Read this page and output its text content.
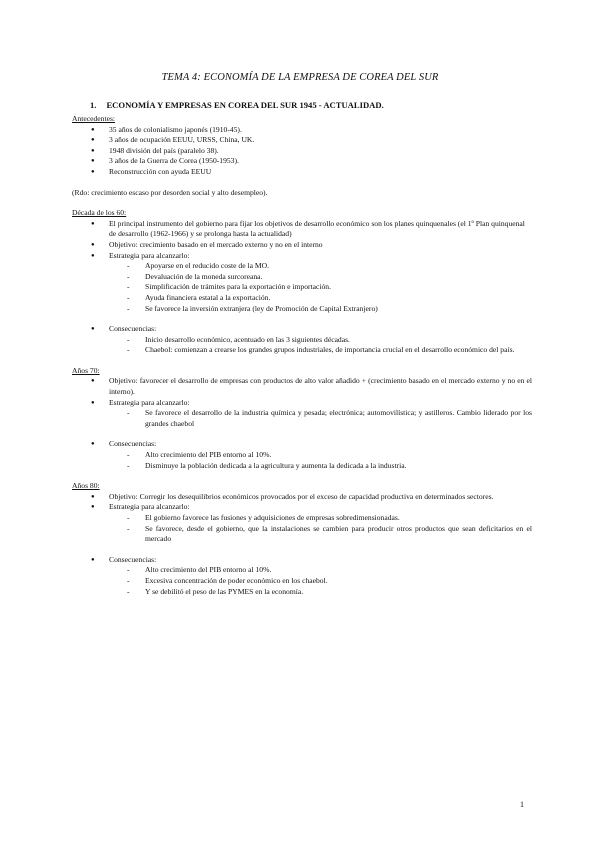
TEMA 4: ECONOMÍA DE LA EMPRESA DE COREA DEL SUR
1. ECONOMÍA Y EMPRESAS EN COREA DEL SUR 1945 - ACTUALIDAD.
Antecedentes:
● 35 años de colonialismo japonés (1910-45).
● 3 años de ocupación EEUU, URSS, China, UK.
● 1948 división del país (paralelo 38).
● 3 años de la Guerra de Corea (1950-1953).
● Reconstrucción con ayuda EEUU
(Rdo: crecimiento escaso por desorden social y alto desempleo).
Década de los 60:
● El principal instrumento del gobierno para fijar los objetivos de desarrollo económico son los planes quinquenales (el 1º Plan quinquenal de desarrollo (1962-1966) y se prolonga hasta la actualidad)
● Objetivo: crecimiento basado en el mercado externo y no en el interno
● Estrategia para alcanzarlo:
- Apoyarse en el reducido coste de la MO.
- Devaluación de la moneda surcoreana.
- Simplificación de trámites para la exportación e importación.
- Ayuda financiera estatal a la exportación.
- Se favorece la inversión extranjera (ley de Promoción de Capital Extranjero)
● Consecuencias:
- Inicio desarrollo económico, acentuado en las 3 siguientes décadas.
- Chaebol: comienzan a crearse los grandes grupos industriales, de importancia crucial en el desarrollo económico del país.
Años 70:
● Objetivo: favorecer el desarrollo de empresas con productos de alto valor añadido + (crecimiento basado en el mercado externo y no en el interno).
● Estrategia para alcanzarlo:
- Se favorece el desarrollo de la industria química y pesada; electrónica; automovilística; y astilleros. Cambio liderado por los grandes chaebol
● Consecuencias:
- Alto crecimiento del PIB entorno al 10%.
- Disminuye la población dedicada a la agricultura y aumenta la dedicada a la industria.
Años 80:
● Objetivo: Corregir los desequilibrios económicos provocados por el exceso de capacidad productiva en determinados sectores.
● Estrategia para alcanzarlo:
- El gobierno favorece las fusiones y adquisiciones de empresas sobredimensionadas.
- Se favorece, desde el gobierno, que la instalaciones se cambien para producir otros productos que sean deficitarios en el mercado
● Consecuencias:
- Alto crecimiento del PIB entorno al 10%.
- Excesiva concentración de poder económico en los chaebol.
- Y se debilitó el peso de las PYMES en la economía.
1
